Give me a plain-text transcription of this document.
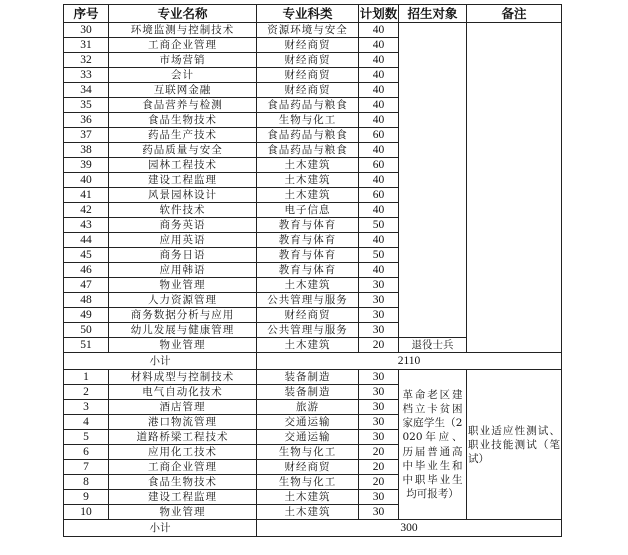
序号	专业名称	专业科类	计划数	招生对象	备注
30	环境监测与控制技术	资源环境与安全	40		
31	工商企业管理	财经商贸	40		
32	市场营销	财经商贸	40		
33	会计	财经商贸	40		
34	互联网金融	财经商贸	40		
35	食品营养与检测	食品药品与粮食	40		
36	食品生物技术	生物与化工	40		
37	药品生产技术	食品药品与粮食	60		
38	药品质量与安全	食品药品与粮食	40		
39	园林工程技术	土木建筑	60		
40	建设工程监理	土木建筑	40		
41	风景园林设计	土木建筑	60		
42	软件技术	电子信息	40		
43	商务英语	教育与体育	50		
44	应用英语	教育与体育	40		
45	商务日语	教育与体育	50		
46	应用韩语	教育与体育	40		
47	物业管理	土木建筑	30		
48	人力资源管理	公共管理与服务	30		
49	商务数据分析与应用	财经商贸	30		
50	幼儿发展与健康管理	公共管理与服务	30		
51	物业管理	土木建筑	20	退役士兵	
小计		2110			
1	材料成型与控制技术	装备制造	30	革命老区建档立卡贫困家庭学生（2020年应、历届普通高中毕业生和中职毕业生均可报考）	职业适应性测试、职业技能测试（笔试）
2	电气自动化技术	装备制造	30		
3	酒店管理	旅游	30		
4	港口物流管理	交通运输	30		
5	道路桥梁工程技术	交通运输	30		
6	应用化工技术	生物与化工	20		
7	工商企业管理	财经商贸	20		
8	食品生物技术	生物与化工	20		
9	建设工程监理	土木建筑	30		
10	物业管理	土木建筑	30		
小计		300			
